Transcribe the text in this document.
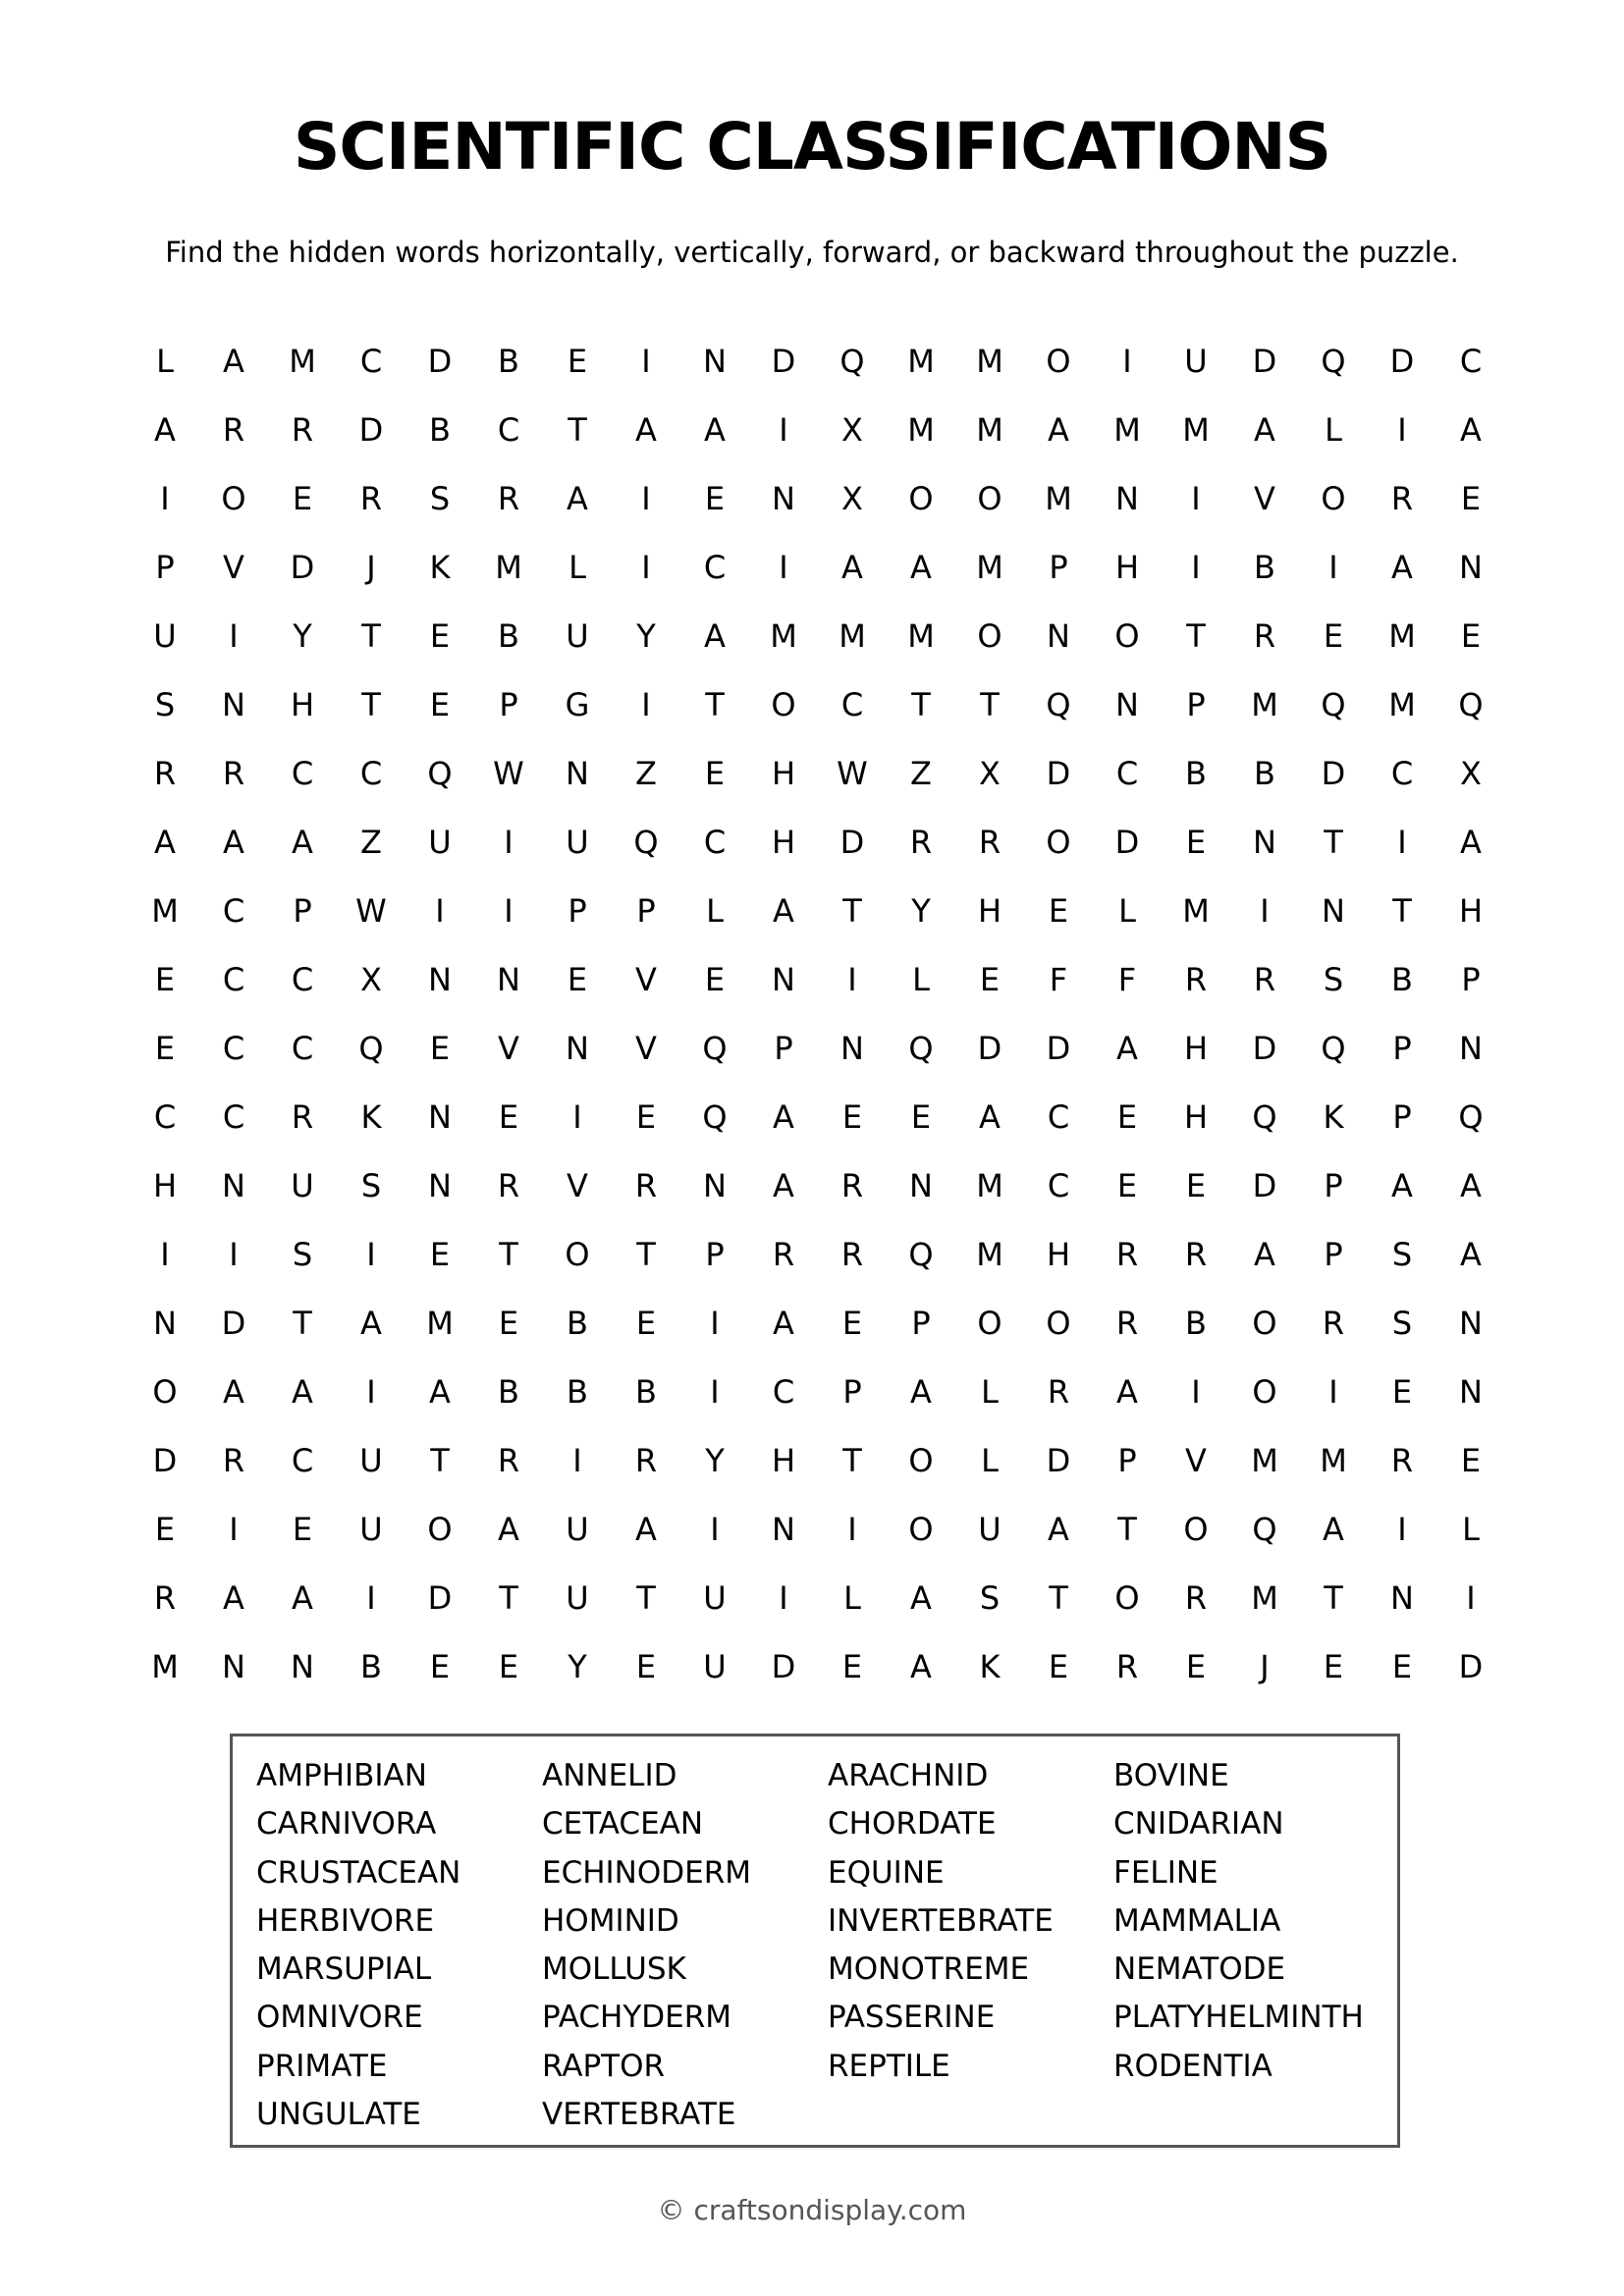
SCIENTIFIC CLASSIFICATIONS

Find the hidden words horizontally, vertically, forward, or backward throughout the puzzle.

L	A	M	C	D	B	E	I	N	D	Q	M	M	O	I	U	D	Q	D	C
A	R	R	D	B	C	T	A	A	I	X	M	M	A	M	M	A	L	I	A
I	O	E	R	S	R	A	I	E	N	X	O	O	M	N	I	V	O	R	E
P	V	D	J	K	M	L	I	C	I	A	A	M	P	H	I	B	I	A	N
U	I	Y	T	E	B	U	Y	A	M	M	M	O	N	O	T	R	E	M	E
S	N	H	T	E	P	G	I	T	O	C	T	T	Q	N	P	M	Q	M	Q
R	R	C	C	Q	W	N	Z	E	H	W	Z	X	D	C	B	B	D	C	X
A	A	A	Z	U	I	U	Q	C	H	D	R	R	O	D	E	N	T	I	A
M	C	P	W	I	I	P	P	L	A	T	Y	H	E	L	M	I	N	T	H
E	C	C	X	N	N	E	V	E	N	I	L	E	F	F	R	R	S	B	P
E	C	C	Q	E	V	N	V	Q	P	N	Q	D	D	A	H	D	Q	P	N
C	C	R	K	N	E	I	E	Q	A	E	E	A	C	E	H	Q	K	P	Q
H	N	U	S	N	R	V	R	N	A	R	N	M	C	E	E	D	P	A	A
I	I	S	I	E	T	O	T	P	R	R	Q	M	H	R	R	A	P	S	A
N	D	T	A	M	E	B	E	I	A	E	P	O	O	R	B	O	R	S	N
O	A	A	I	A	B	B	B	I	C	P	A	L	R	A	I	O	I	E	N
D	R	C	U	T	R	I	R	Y	H	T	O	L	D	P	V	M	M	R	E
E	I	E	U	O	A	U	A	I	N	I	O	U	A	T	O	Q	A	I	L
R	A	A	I	D	T	U	T	U	I	L	A	S	T	O	R	M	T	N	I
M	N	N	B	E	E	Y	E	U	D	E	A	K	E	R	E	J	E	E	D
AMPHIBIAN	ANNELID	ARACHNID	BOVINE
CARNIVORA	CETACEAN	CHORDATE	CNIDARIAN
CRUSTACEAN	ECHINODERM	EQUINE	FELINE
HERBIVORE	HOMINID	INVERTEBRATE	MAMMALIA
MARSUPIAL	MOLLUSK	MONOTREME	NEMATODE
OMNIVORE	PACHYDERM	PASSERINE	PLATYHELMINTH
PRIMATE	RAPTOR	REPTILE	RODENTIA
UNGULATE	VERTEBRATE

© craftsondisplay.com
